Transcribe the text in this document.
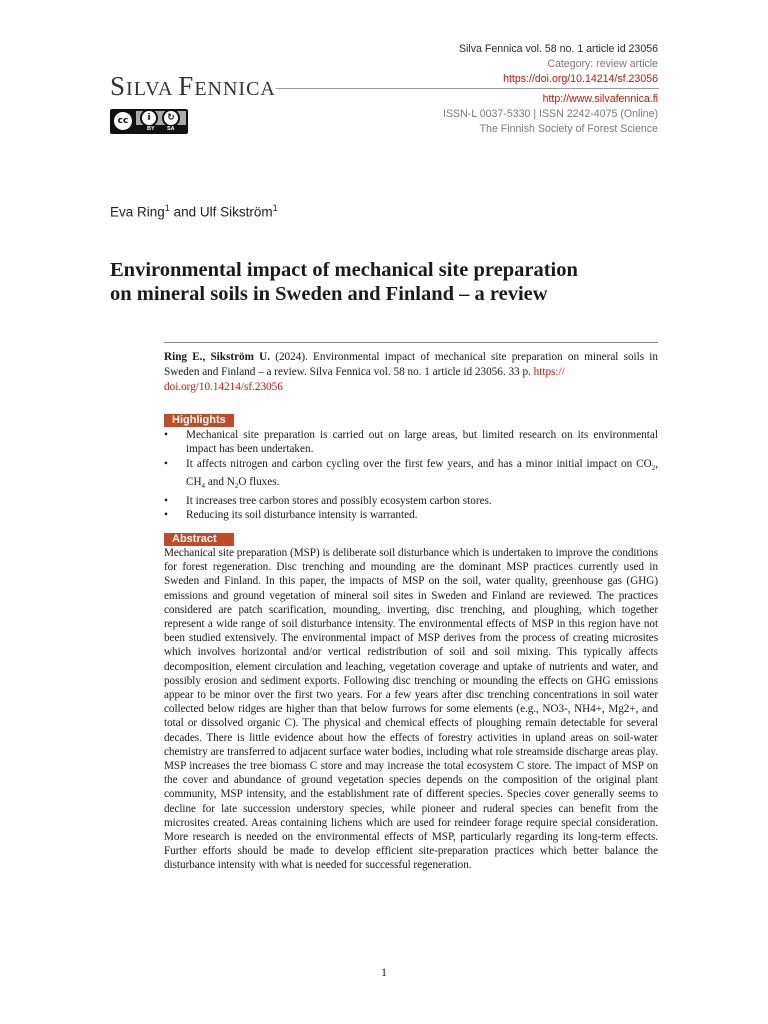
Silva Fennica vol. 58 no. 1 article id 23056
Category: review article
https://doi.org/10.14214/sf.23056
http://www.silvafennica.fi
ISSN-L 0037-5330 | ISSN 2242-4075 (Online)
The Finnish Society of Forest Science
SILVA FENNICA
cc	i	↻
BY SA
Eva Ring$^1$ and Ulf Sikström$^1$
Environmental impact of mechanical site preparation
on mineral soils in Sweden and Finland – a review
Ring E., Sikström U. (2024). Environmental impact of mechanical site preparation on mineral soils in Sweden and Finland – a review. Silva Fennica vol. 58 no. 1 article id 23056. 33 p. https://
doi.org/10.14214/sf.23056
Highlights
• Mechanical site preparation is carried out on large areas, but limited research on its environmental impact has been undertaken.
• It affects nitrogen and carbon cycling over the first few years, and has a minor initial impact on $CO_2$, $CH_4$ and $N_2O$ fluxes.
• It increases tree carbon stores and possibly ecosystem carbon stores.
• Reducing its soil disturbance intensity is warranted.
Abstract
Mechanical site preparation (MSP) is deliberate soil disturbance which is undertaken to improve the conditions for forest regeneration. Disc trenching and mounding are the dominant MSP practices currently used in Sweden and Finland. In this paper, the impacts of MSP on the soil, water quality, greenhouse gas (GHG) emissions and ground vegetation of mineral soil sites in Sweden and Finland are reviewed. The practices considered are patch scarification, mounding, inverting, disc trenching, and ploughing, which together represent a wide range of soil disturbance intensity. The environmental effects of MSP in this region have not been studied extensively. The environmental impact of MSP derives from the process of creating microsites which involves horizontal and/or vertical redistribution of soil and soil mixing. This typically affects decomposition, element circulation and leaching, vegetation coverage and uptake of nutrients and water, and possibly erosion and sediment exports. Following disc trenching or mounding the effects on GHG emissions appear to be minor over the first two years. For a few years after disc trenching concentrations in soil water collected below ridges are higher than that below furrows for some elements (e.g., NO3-, NH4+, Mg2+, and total or dissolved organic C). The physical and chemical effects of ploughing remain detectable for several decades. There is little evidence about how the effects of forestry activities in upland areas on soil-water chemistry are transferred to adjacent surface water bodies, including what role streamside discharge areas play. MSP increases the tree biomass C store and may increase the total ecosystem C store. The impact of MSP on the cover and abundance of ground vegetation species depends on the composition of the original plant community, MSP intensity, and the establishment rate of different species. Species cover generally seems to decline for late succession understory species, while pioneer and ruderal species can benefit from the microsites created. Areas containing lichens which are used for reindeer forage require special consideration. More research is needed on the environmental effects of MSP, particularly regarding its long-term effects. Further efforts should be made to develop efficient site-preparation practices which better balance the disturbance intensity with what is needed for successful regeneration.
1
